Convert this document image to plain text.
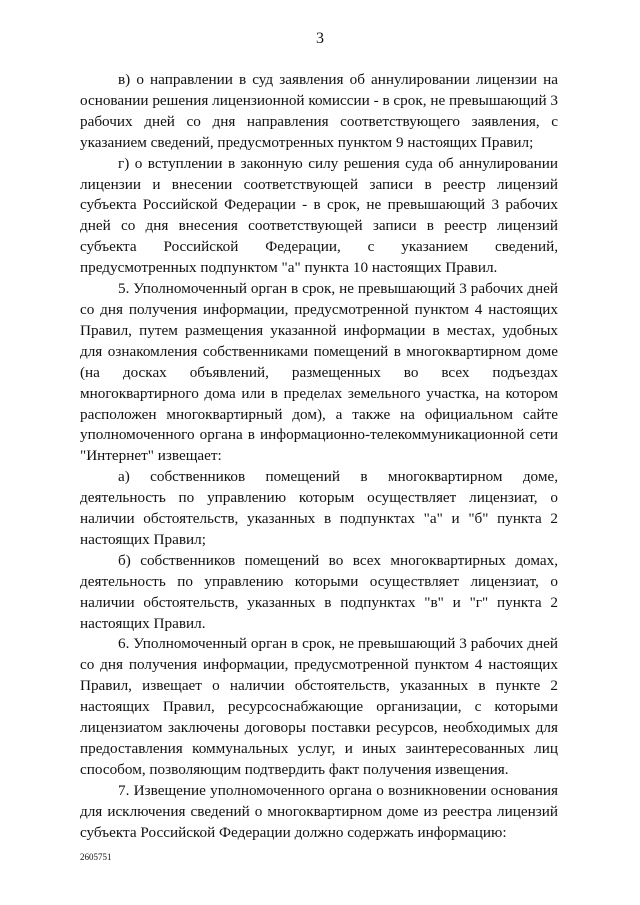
3

в) о направлении в суд заявления об аннулировании лицензии на основании решения лицензионной комиссии - в срок, не превышающий 3 рабочих дней со дня направления соответствующего заявления, с указанием сведений, предусмотренных пунктом 9 настоящих Правил;

г) о вступлении в законную силу решения суда об аннулировании лицензии и внесении соответствующей записи в реестр лицензий субъекта Российской Федерации - в срок, не превышающий 3 рабочих дней со дня внесения соответствующей записи в реестр лицензий субъекта Российской Федерации, с указанием сведений, предусмотренных подпунктом "а" пункта 10 настоящих Правил.

5. Уполномоченный орган в срок, не превышающий 3 рабочих дней со дня получения информации, предусмотренной пунктом 4 настоящих Правил, путем размещения указанной информации в местах, удобных для ознакомления собственниками помещений в многоквартирном доме (на досках объявлений, размещенных во всех подъездах многоквартирного дома или в пределах земельного участка, на котором расположен многоквартирный дом), а также на официальном сайте уполномоченного органа в информационно-телекоммуникационной сети "Интернет" извещает:

а) собственников помещений в многоквартирном доме, деятельность по управлению которым осуществляет лицензиат, о наличии обстоятельств, указанных в подпунктах "а" и "б" пункта 2 настоящих Правил;

б) собственников помещений во всех многоквартирных домах, деятельность по управлению которыми осуществляет лицензиат, о наличии обстоятельств, указанных в подпунктах "в" и "г" пункта 2 настоящих Правил.

6. Уполномоченный орган в срок, не превышающий 3 рабочих дней со дня получения информации, предусмотренной пунктом 4 настоящих Правил, извещает о наличии обстоятельств, указанных в пункте 2 настоящих Правил, ресурсоснабжающие организации, с которыми лицензиатом заключены договоры поставки ресурсов, необходимых для предоставления коммунальных услуг, и иных заинтересованных лиц способом, позволяющим подтвердить факт получения извещения.

7. Извещение уполномоченного органа о возникновении основания для исключения сведений о многоквартирном доме из реестра лицензий субъекта Российской Федерации должно содержать информацию:

2605751
